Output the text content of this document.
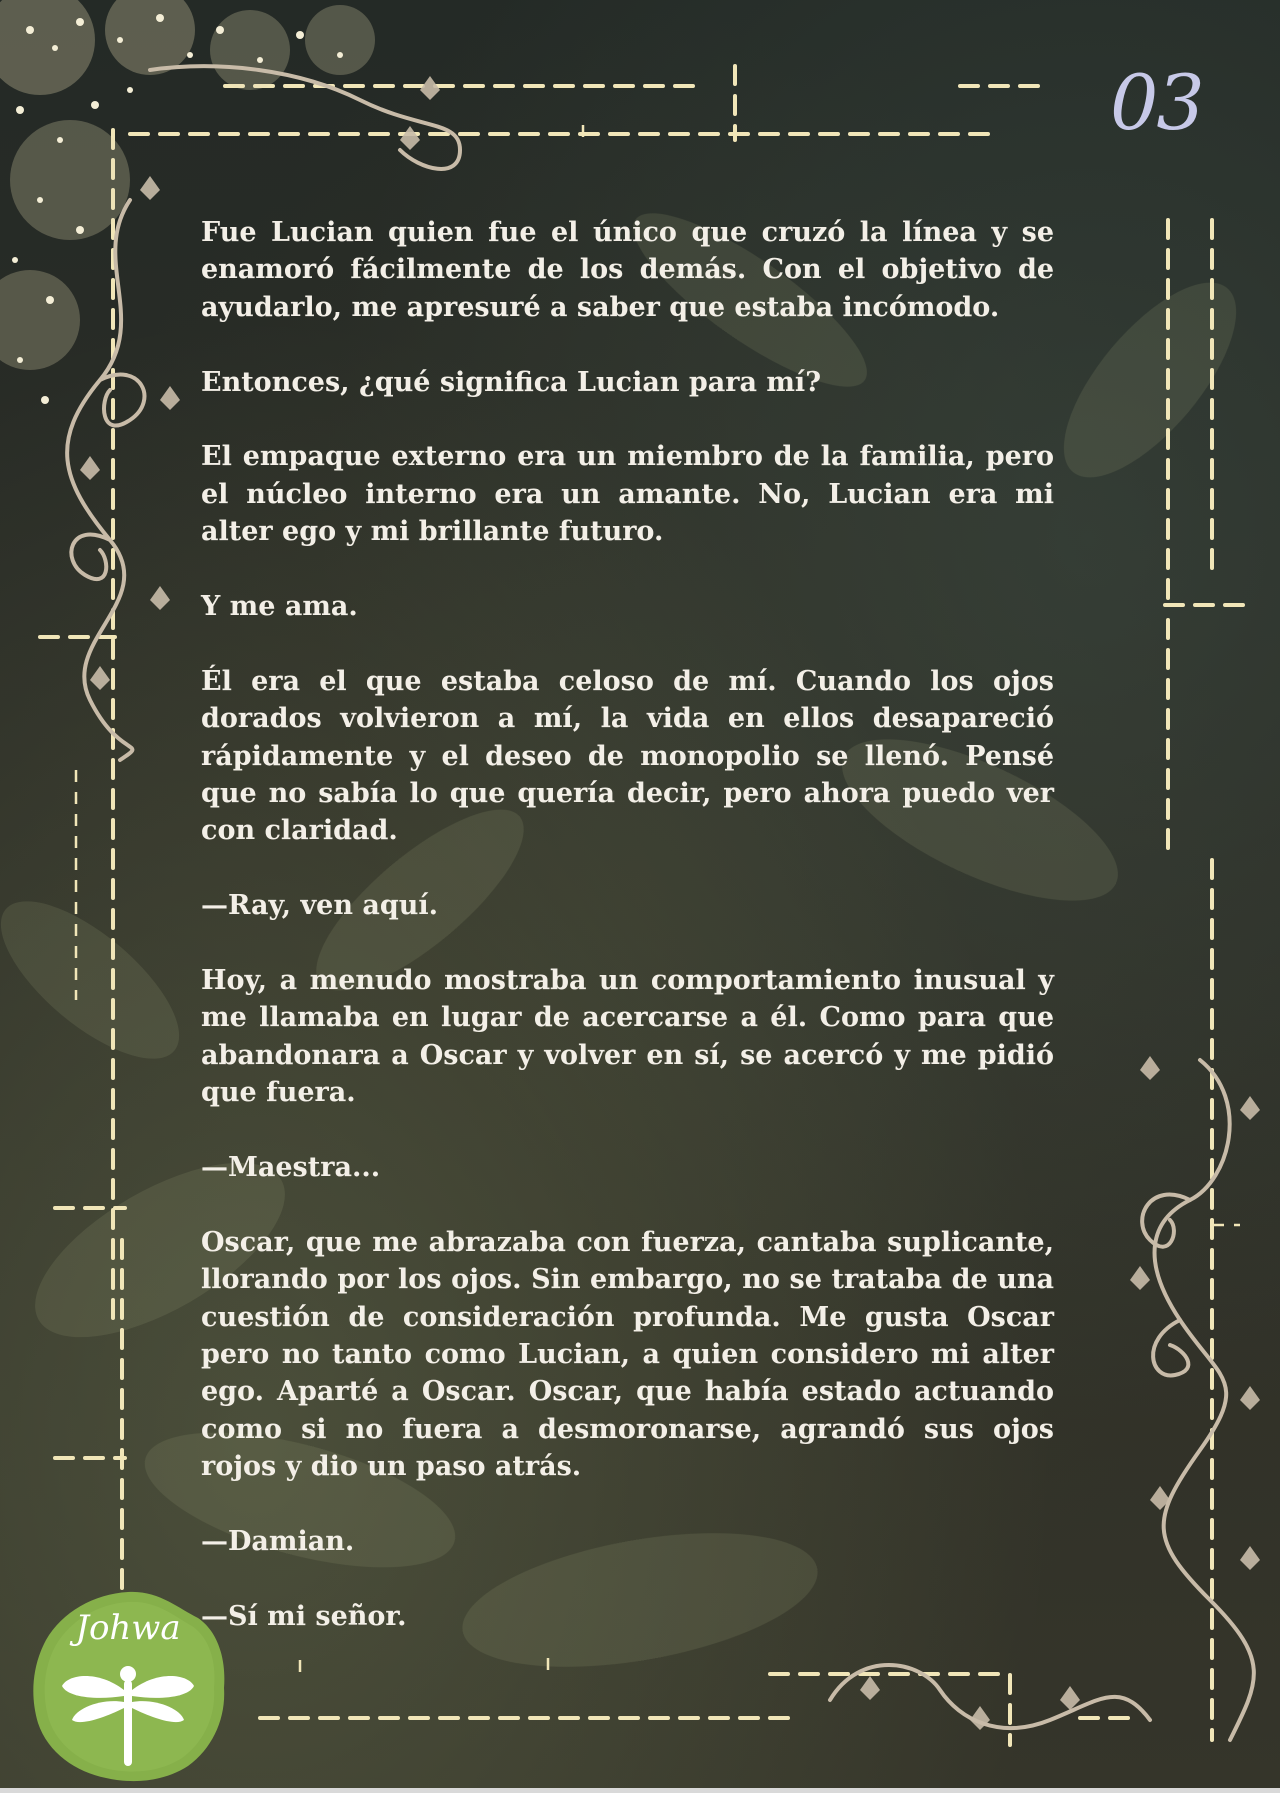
03

Fue Lucian quien fue el único que cruzó la línea y se enamoró fácilmente de los demás. Con el objetivo de ayudarlo, me apresuré a saber que estaba incómodo.

Entonces, ¿qué significa Lucian para mí?

El empaque externo era un miembro de la familia, pero el núcleo interno era un amante. No, Lucian era mi alter ego y mi brillante futuro.

Y me ama.

Él era el que estaba celoso de mí. Cuando los ojos dorados volvieron a mí, la vida en ellos desapareció rápidamente y el deseo de monopolio se llenó. Pensé que no sabía lo que quería decir, pero ahora puedo ver con claridad.

—Ray, ven aquí.

Hoy, a menudo mostraba un comportamiento inusual y me llamaba en lugar de acercarse a él. Como para que abandonara a Oscar y volver en sí, se acercó y me pidió que fuera.

—Maestra...

Oscar, que me abrazaba con fuerza, cantaba suplicante, llorando por los ojos. Sin embargo, no se trataba de una cuestión de consideración profunda. Me gusta Oscar pero no tanto como Lucian, a quien considero mi alter ego. Aparté a Oscar. Oscar, que había estado actuando como si no fuera a desmoronarse, agrandó sus ojos rojos y dio un paso atrás.

—Damian.

—Sí mi señor.

Johwa
